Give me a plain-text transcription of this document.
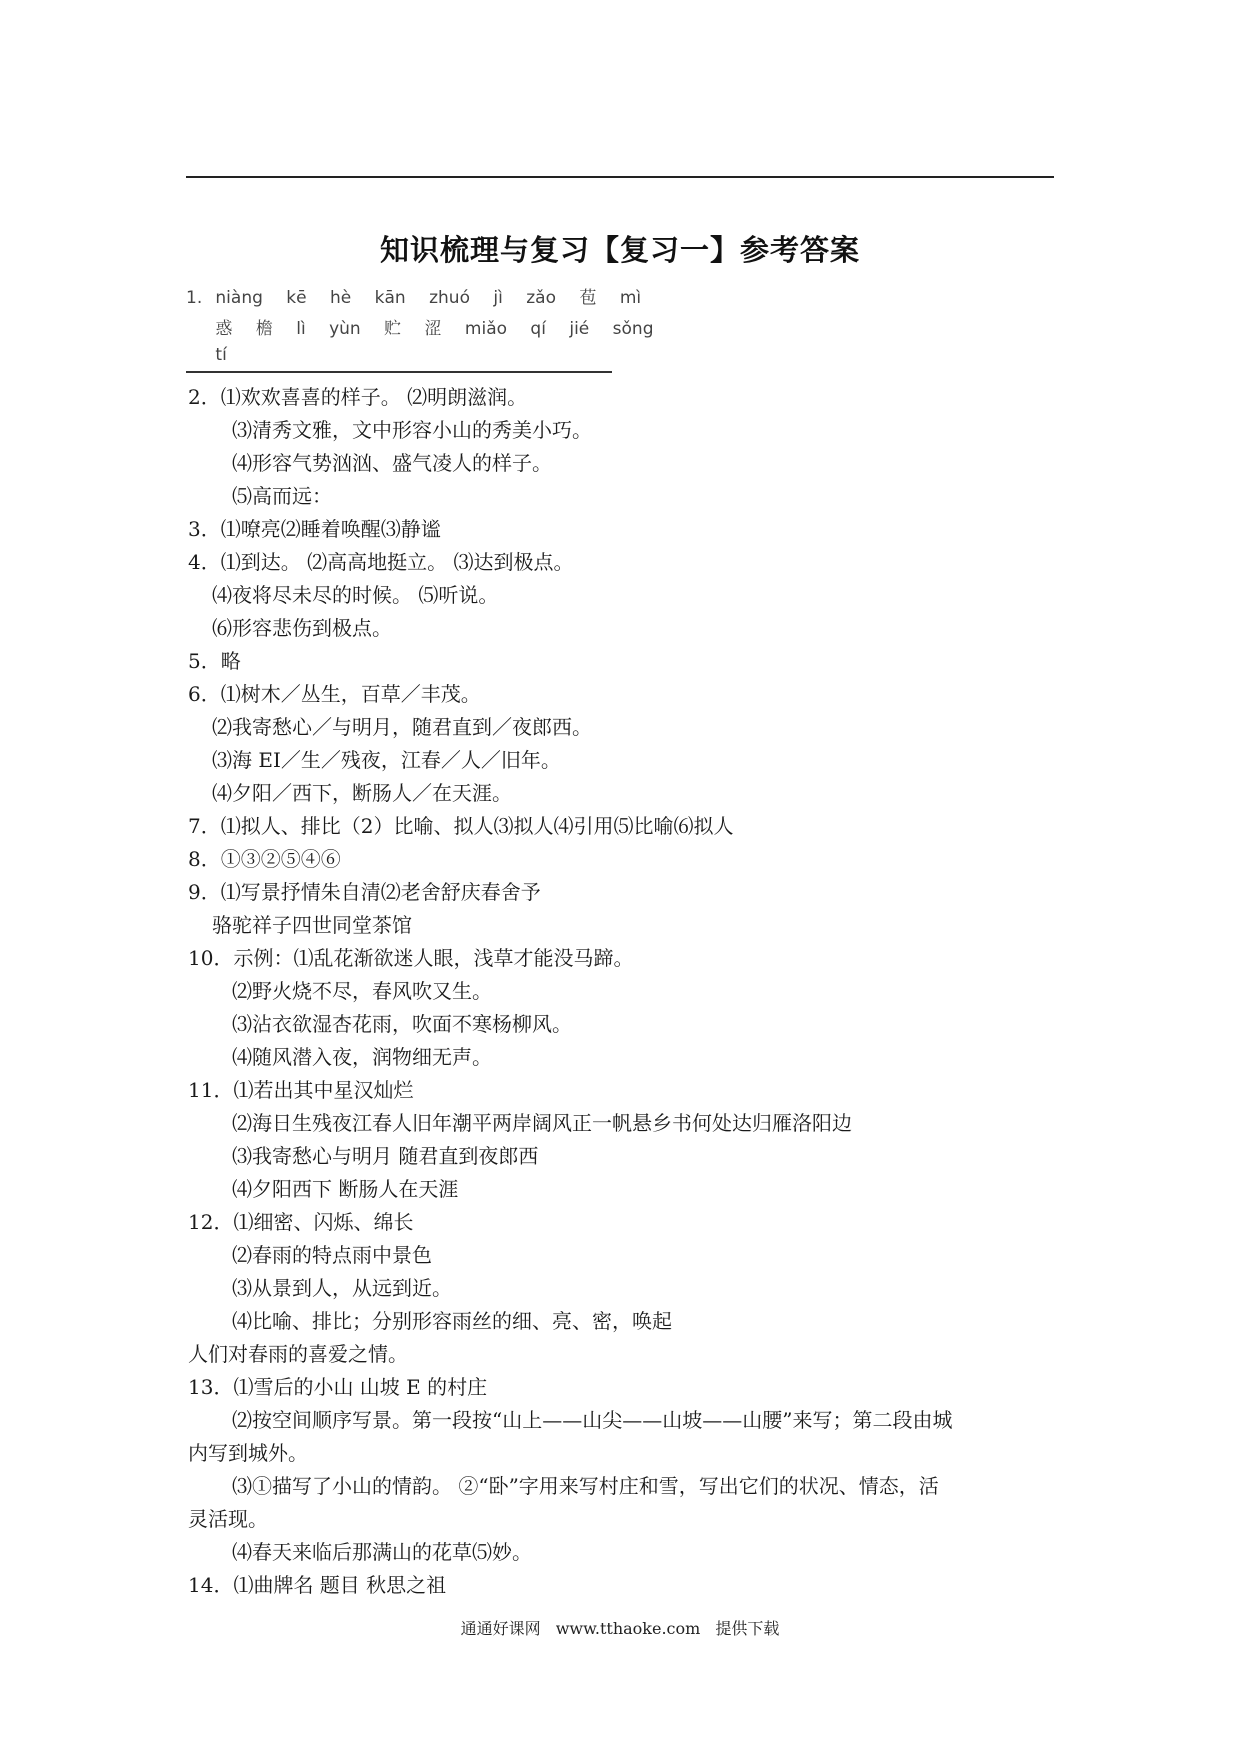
知识梳理与复习【复习一】参考答案
1. niàng kē hè kān zhuó jì zǎo 苞 mì
惑 檐 lì yùn 贮 涩 miǎo qí jié sǒng
tí
2．⑴欢欢喜喜的样子。 ⑵明朗滋润。
⑶清秀文雅，文中形容小山的秀美小巧。
⑷形容气势汹汹、盛气凌人的样子。
⑸高而远：
3．⑴嘹亮⑵睡着唤醒⑶静谧
4．⑴到达。 ⑵高高地挺立。 ⑶达到极点。
⑷夜将尽未尽的时候。 ⑸听说。
⑹形容悲伤到极点。
5．略
6．⑴树木／丛生，百草／丰茂。
⑵我寄愁心／与明月，随君直到／夜郎西。
⑶海 EI／生／残夜，江春／人／旧年。
⑷夕阳／西下，断肠人／在天涯。
7．⑴拟人、排比（2）比喻、拟人⑶拟人⑷引用⑸比喻⑹拟人
8．①③②⑤④⑥
9．⑴写景抒情朱自清⑵老舍舒庆春舍予
骆驼祥子四世同堂茶馆
10．示例：⑴乱花渐欲迷人眼，浅草才能没马蹄。
⑵野火烧不尽，春风吹又生。
⑶沾衣欲湿杏花雨，吹面不寒杨柳风。
⑷随风潜入夜，润物细无声。
11．⑴若出其中星汉灿烂
⑵海日生残夜江春人旧年潮平两岸阔风正一帆悬乡书何处达归雁洛阳边
⑶我寄愁心与明月 随君直到夜郎西
⑷夕阳西下 断肠人在天涯
12．⑴细密、闪烁、绵长
⑵春雨的特点雨中景色
⑶从景到人，从远到近。
⑷比喻、排比；分别形容雨丝的细、亮、密，唤起
人们对春雨的喜爱之情。
13．⑴雪后的小山 山坡 E 的村庄
⑵按空间顺序写景。第一段按“山上——山尖——山坡——山腰”来写；第二段由城
内写到城外。
⑶①描写了小山的情韵。 ②“卧”字用来写村庄和雪，写出它们的状况、情态，活
灵活现。
⑷春天来临后那满山的花草⑸妙。
14．⑴曲牌名 题目 秋思之祖
通通好课网 www.tthaoke.com 提供下载
